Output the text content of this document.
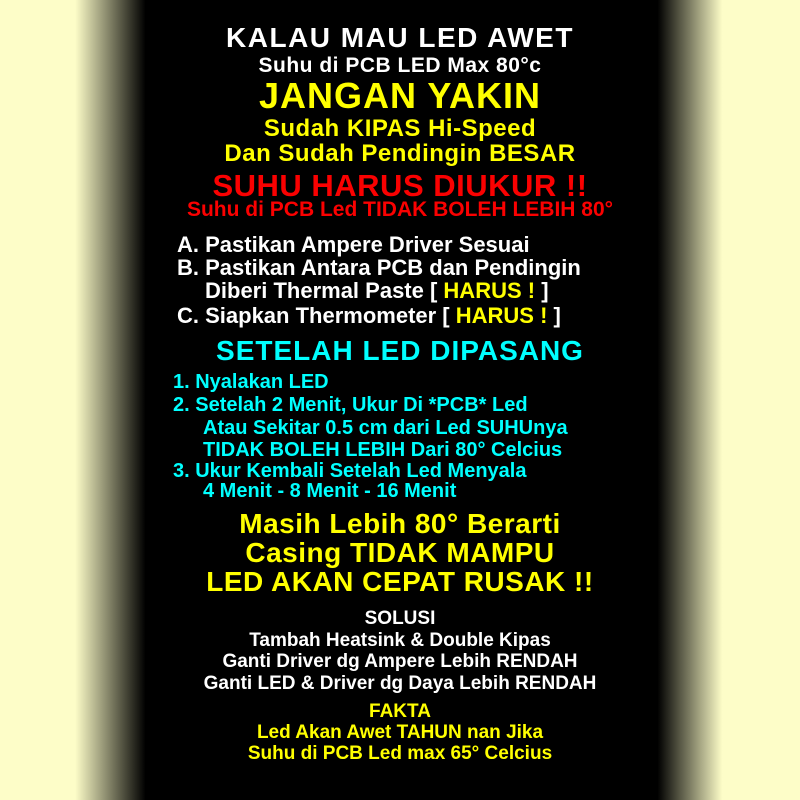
KALAU MAU LED AWET
Suhu di PCB LED Max 80°c
JANGAN YAKIN
Sudah KIPAS Hi-Speed
Dan Sudah Pendingin BESAR
SUHU HARUS DIUKUR !!
Suhu di PCB Led TIDAK BOLEH LEBIH 80°
A. Pastikan Ampere Driver Sesuai
B. Pastikan Antara PCB dan Pendingin
Diberi Thermal Paste [ HARUS ! ]
C. Siapkan Thermometer [ HARUS ! ]
SETELAH LED DIPASANG
1. Nyalakan LED
2. Setelah 2 Menit, Ukur Di *PCB* Led
Atau Sekitar 0.5 cm dari Led SUHUnya
TIDAK BOLEH LEBIH Dari 80° Celcius
3. Ukur Kembali Setelah Led Menyala
4 Menit - 8 Menit - 16 Menit
Masih Lebih 80° Berarti
Casing TIDAK MAMPU
LED AKAN CEPAT RUSAK !!
SOLUSI
Tambah Heatsink & Double Kipas
Ganti Driver dg Ampere Lebih RENDAH
Ganti LED & Driver dg Daya Lebih RENDAH
FAKTA
Led Akan Awet TAHUN nan Jika
Suhu di PCB Led max 65° Celcius
